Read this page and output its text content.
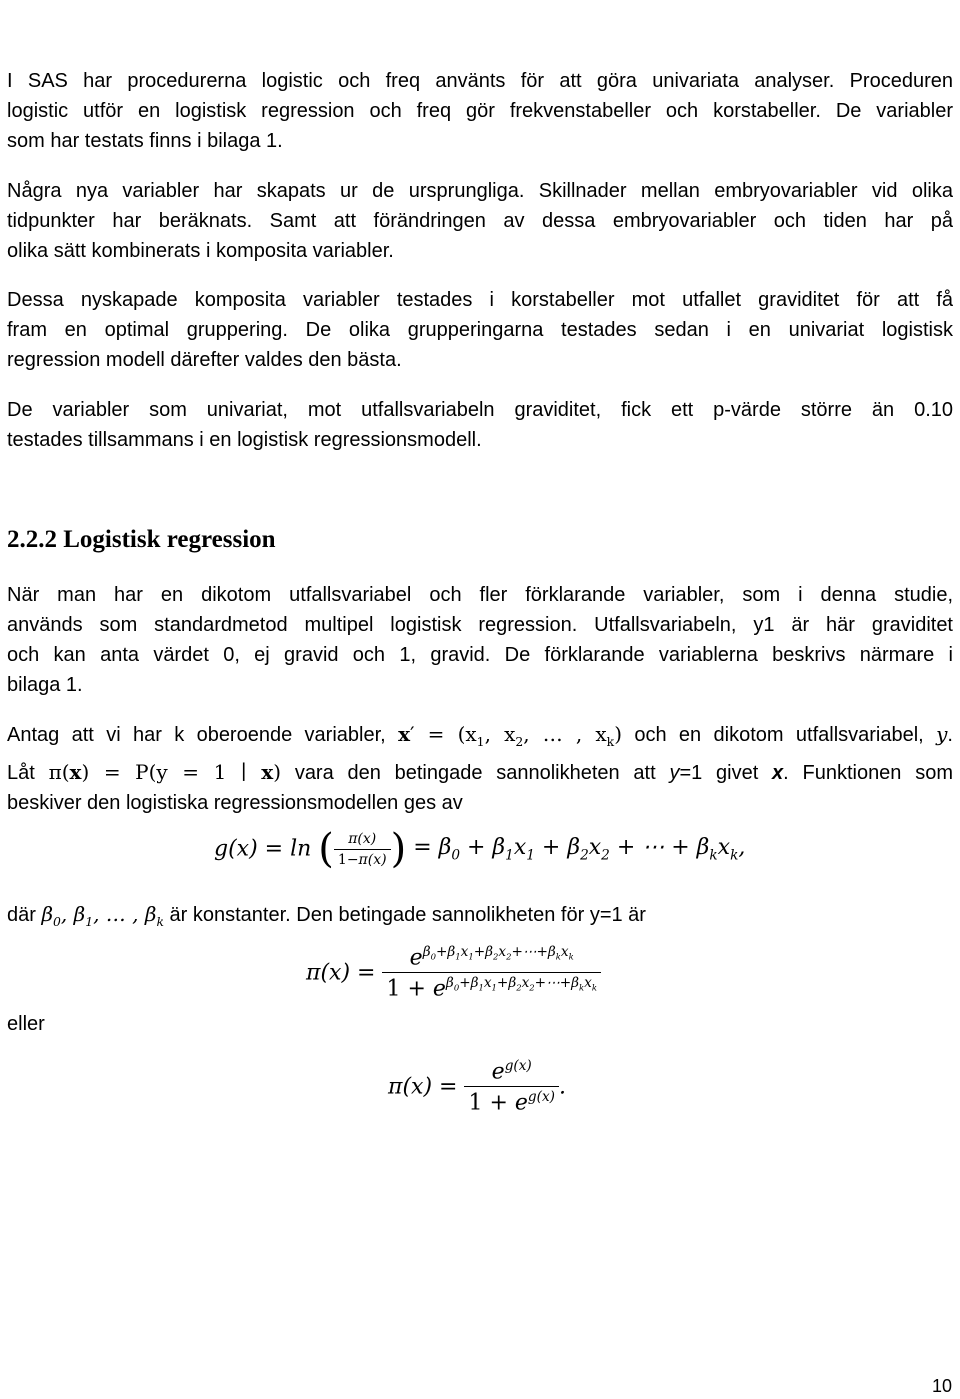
I SAS har procedurerna logistic och freq använts för att göra univariata analyser. Proceduren
logistic utför en logistisk regression och freq gör frekvenstabeller och korstabeller. De variabler
som har testats finns i bilaga 1.
Några nya variabler har skapats ur de ursprungliga. Skillnader mellan embryovariabler vid olika
tidpunkter har beräknats. Samt att förändringen av dessa embryovariabler och tiden har på
olika sätt kombinerats i komposita variabler.
Dessa nyskapade komposita variabler testades i korstabeller mot utfallet graviditet för att få
fram en optimal gruppering. De olika grupperingarna testades sedan i en univariat logistisk
regression modell därefter valdes den bästa.
De variabler som univariat, mot utfallsvariabeln graviditet, fick ett p-värde större än 0.10
testades tillsammans i en logistisk regressionsmodell.
2.2.2 Logistisk regression
När man har en dikotom utfallsvariabel och fler förklarande variabler, som i denna studie,
används som standardmetod multipel logistisk regression. Utfallsvariabeln, y1 är här graviditet
och kan anta värdet 0, ej gravid och 1, gravid. De förklarande variablerna beskrivs närmare i
bilaga 1.
Antag att vi har k oberoende variabler, $x' = (x_1$, $x_2$, … , $x_k$) och en dikotom utfallsvariabel, y.
Låt π(x) = P(y = 1 ∣ x) vara den betingade sannolikheten att y=1 givet x. Funktionen som
beskiver den logistiska regressionsmodellen ges av
g(x) = ln ( $\frac{\pi(x)}{1-\pi(x)}$ ) = $\beta_0 + \beta_1x_1 + \beta_2x_2$ + ⋯ + $\beta_kx_k$,
där $\beta_0$, $\beta_1$, … , $\beta_k$ är konstanter. Den betingade sannolikheten för y=1 är
$\pi(x) = \frac{e^{\beta_0+\beta_1x_1+\beta_2x_2+\cdots+\beta_kx_k}}{1 + e^{\beta_0+\beta_1x_1+\beta_2x_2+\cdots+\beta_kx_k}}$
eller
$\pi(x) = \frac{e^{g(x)}}{1 + e^{g(x)}}$ .
10
